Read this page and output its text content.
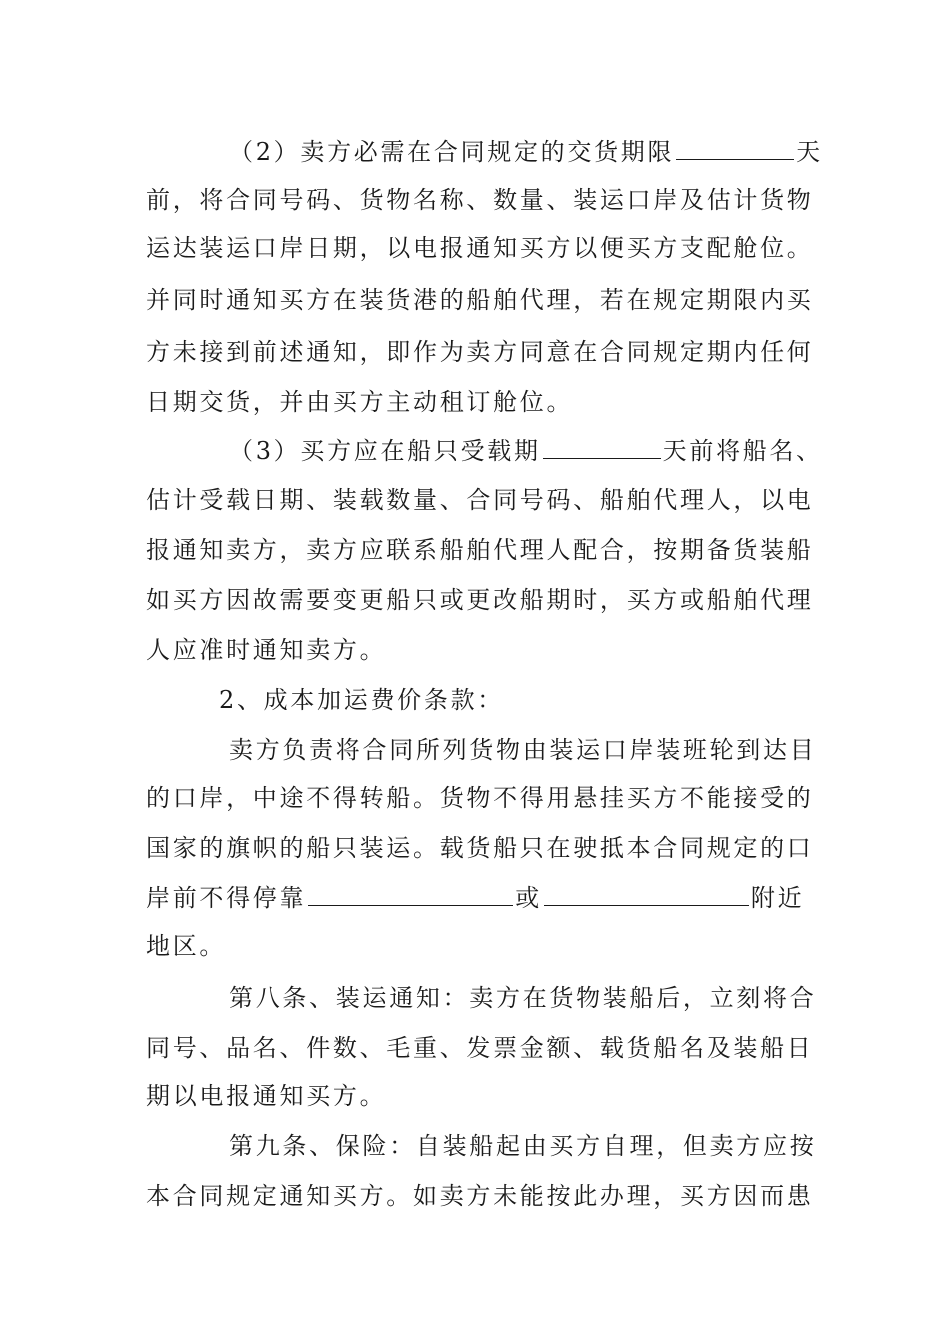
（2）卖方必需在合同规定的交货期限	天
前，将合同号码、货物名称、数量、装运口岸及估计货物
运达装运口岸日期，以电报通知买方以便买方支配舱位。
并同时通知买方在装货港的船舶代理，若在规定期限内买
方未接到前述通知，即作为卖方同意在合同规定期内任何
日期交货，并由买方主动租订舱位。
（3）买方应在船只受载期	天前将船名、
估计受载日期、装载数量、合同号码、船舶代理人，以电
报通知卖方，卖方应联系船舶代理人配合，按期备货装船
如买方因故需要变更船只或更改船期时，买方或船舶代理
人应准时通知卖方。
2、成本加运费价条款：
卖方负责将合同所列货物由装运口岸装班轮到达目
的口岸，中途不得转船。货物不得用悬挂买方不能接受的
国家的旗帜的船只装运。载货船只在驶抵本合同规定的口
岸前不得停靠	或	附近
地区。
第八条、装运通知：卖方在货物装船后，立刻将合
同号、品名、件数、毛重、发票金额、载货船名及装船日
期以电报通知买方。
第九条、保险：自装船起由买方自理，但卖方应按
本合同规定通知买方。如卖方未能按此办理，买方因而患
